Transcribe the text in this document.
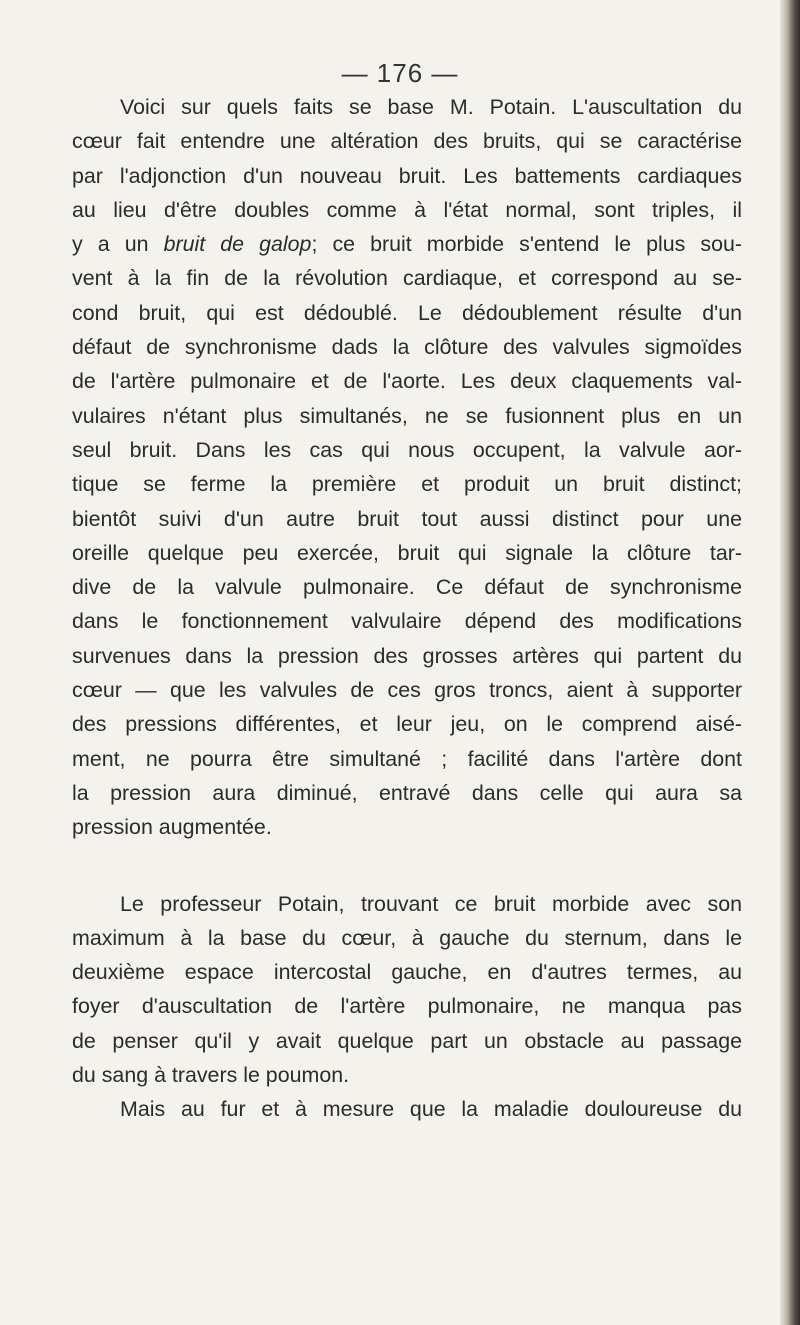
— 176 —
Voici sur quels faits se base M. Potain. L'auscultation du
cœur fait entendre une altération des bruits, qui se caractérise
par l'adjonction d'un nouveau bruit. Les battements cardiaques
au lieu d'être doubles comme à l'état normal, sont triples, il
y a un bruit de galop; ce bruit morbide s'entend le plus sou-
vent à la fin de la révolution cardiaque, et correspond au se-
cond bruit, qui est dédoublé. Le dédoublement résulte d'un
défaut de synchronisme dads la clôture des valvules sigmoïdes
de l'artère pulmonaire et de l'aorte. Les deux claquements val-
vulaires n'étant plus simultanés, ne se fusionnent plus en un
seul bruit. Dans les cas qui nous occupent, la valvule aor-
tique se ferme la première et produit un bruit distinct;
bientôt suivi d'un autre bruit tout aussi distinct pour une
oreille quelque peu exercée, bruit qui signale la clôture tar-
dive de la valvule pulmonaire. Ce défaut de synchronisme
dans le fonctionnement valvulaire dépend des modifications
survenues dans la pression des grosses artères qui partent du
cœur — que les valvules de ces gros troncs, aient à supporter
des pressions différentes, et leur jeu, on le comprend aisé-
ment, ne pourra être simultané ; facilité dans l'artère dont
la pression aura diminué, entravé dans celle qui aura sa
pression augmentée.
Le professeur Potain, trouvant ce bruit morbide avec son
maximum à la base du cœur, à gauche du sternum, dans le
deuxième espace intercostal gauche, en d'autres termes, au
foyer d'auscultation de l'artère pulmonaire, ne manqua pas
de penser qu'il y avait quelque part un obstacle au passage
du sang à travers le poumon.
Mais au fur et à mesure que la maladie douloureuse du
